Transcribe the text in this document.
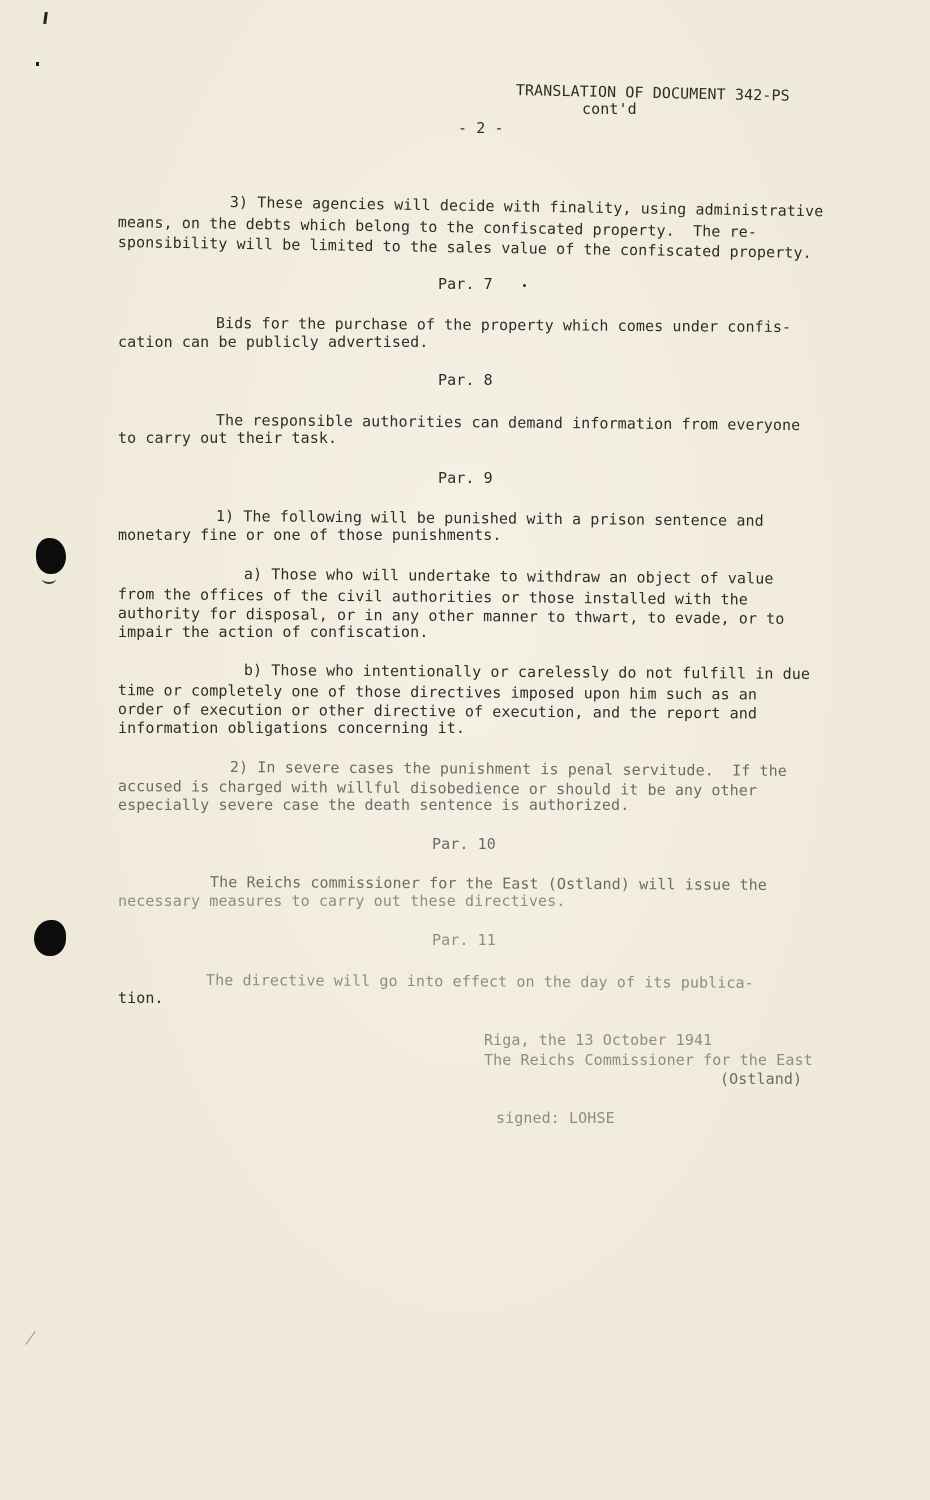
TRANSLATION OF DOCUMENT 342-PS
cont'd
- 2 -
3) These agencies will decide with finality, using administrative
means, on the debts which belong to the confiscated property.  The re-
sponsibility will be limited to the sales value of the confiscated property.
Par. 7
Bids for the purchase of the property which comes under confis-
cation can be publicly advertised.
Par. 8
The responsible authorities can demand information from everyone
to carry out their task.
Par. 9
1) The following will be punished with a prison sentence and
monetary fine or one of those punishments.
a) Those who will undertake to withdraw an object of value
from the offices of the civil authorities or those installed with the
authority for disposal, or in any other manner to thwart, to evade, or to
impair the action of confiscation.
b) Those who intentionally or carelessly do not fulfill in due
time or completely one of those directives imposed upon him such as an
order of execution or other directive of execution, and the report and
information obligations concerning it.
2) In severe cases the punishment is penal servitude.  If the
accused is charged with willful disobedience or should it be any other
especially severe case the death sentence is authorized.
Par. 10
The Reichs commissioner for the East (Ostland) will issue the
necessary measures to carry out these directives.
Par. 11
The directive will go into effect on the day of its publica-
tion.
Riga, the 13 October 1941
The Reichs Commissioner for the East
(Ostland)
signed: LOHSE
